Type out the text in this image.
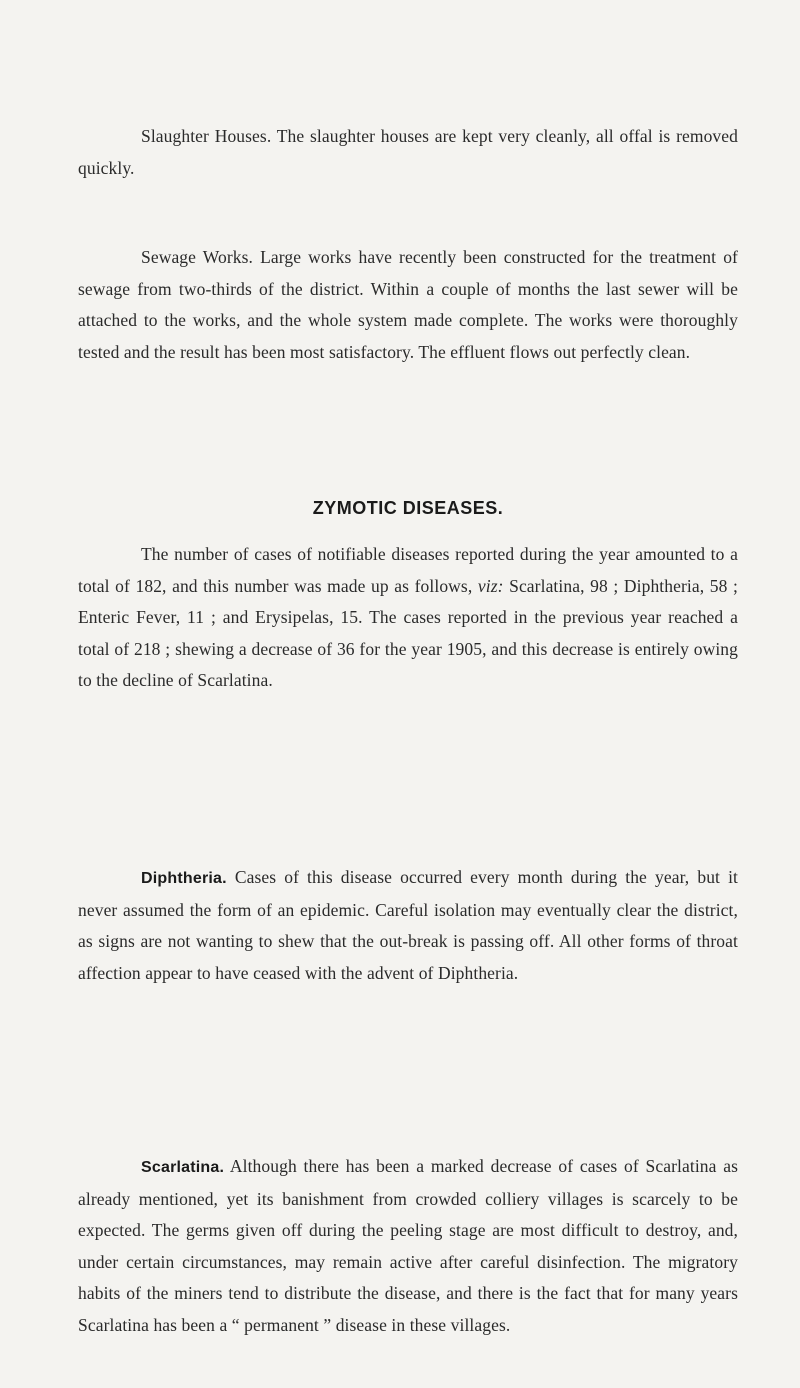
Slaughter Houses. The slaughter houses are kept very cleanly, all offal is removed quickly.

Sewage Works. Large works have recently been constructed for the treatment of sewage from two-thirds of the district. Within a couple of months the last sewer will be attached to the works, and the whole system made complete. The works were thoroughly tested and the result has been most satisfactory. The effluent flows out perfectly clean.

ZYMOTIC DISEASES.

The number of cases of notifiable diseases reported during the year amounted to a total of 182, and this number was made up as follows, viz: Scarlatina, 98 ; Diphtheria, 58 ; Enteric Fever, 11 ; and Erysipelas, 15. The cases reported in the previous year reached a total of 218 ; shewing a decrease of 36 for the year 1905, and this decrease is entirely owing to the decline of Scarlatina.

Diphtheria. Cases of this disease occurred every month during the year, but it never assumed the form of an epidemic. Careful isolation may eventually clear the district, as signs are not wanting to shew that the out-break is passing off. All other forms of throat affection appear to have ceased with the advent of Diphtheria.

Scarlatina. Although there has been a marked decrease of cases of Scarlatina as already mentioned, yet its banishment from crowded colliery villages is scarcely to be expected. The germs given off during the peeling stage are most difficult to destroy, and, under certain circumstances, may remain active after careful disinfection. The migratory habits of the miners tend to distribute the disease, and there is the fact that for many years Scarlatina has been a “ permanent ” disease in these villages.
